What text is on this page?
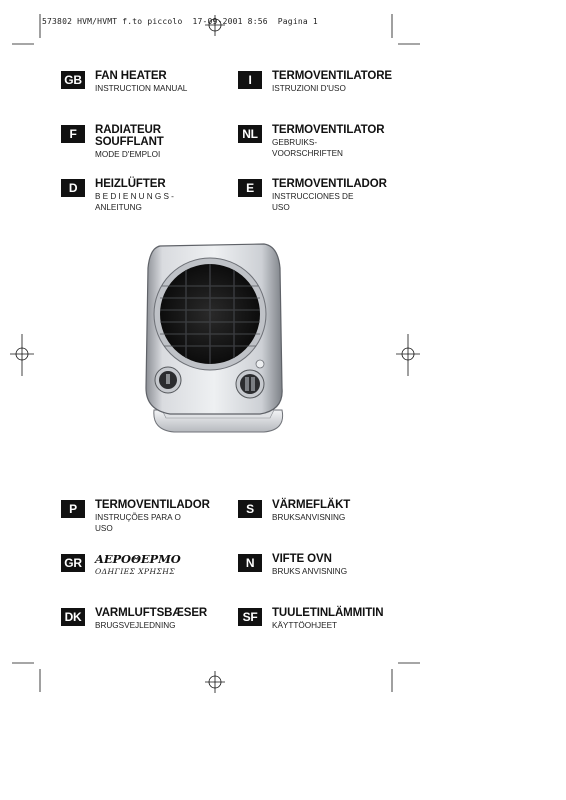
573802 HVM/HVMT f.to piccolo  17-09-2001 8:56  Pagina 1
GB FAN HEATER
INSTRUCTION MANUAL
I	TERMOVENTILATORE
ISTRUZIONI D'USO
F	RADIATEUR
SOUFFLANT
MODE D'EMPLOI
NL	TERMOVENTILATOR
GEBRUIKS-
VOORSCHRIFTEN
D	HEIZLÜFTER
BEDIENUNGS-
ANLEITUNG
E	TERMOVENTILADOR
INSTRUCCIONES DE
USO
P	TERMOVENTILADOR
INSTRUÇÕES PARA O
USO
S	VÄRMEFLÄKT
BRUKSANVISNING
GR ΑΕΡΟΘΕΡΜΟ
ΟΔΗΓΙΕΣ ΧΡΗΣΗΣ
N	VIFTE OVN
BRUKS ANVISNING
DK	VARMLUFTSBÆSER
BRUGSVEJLEDNING
SF	TUULETINLÄMMITIN
KÄYTTÖOHJEET
